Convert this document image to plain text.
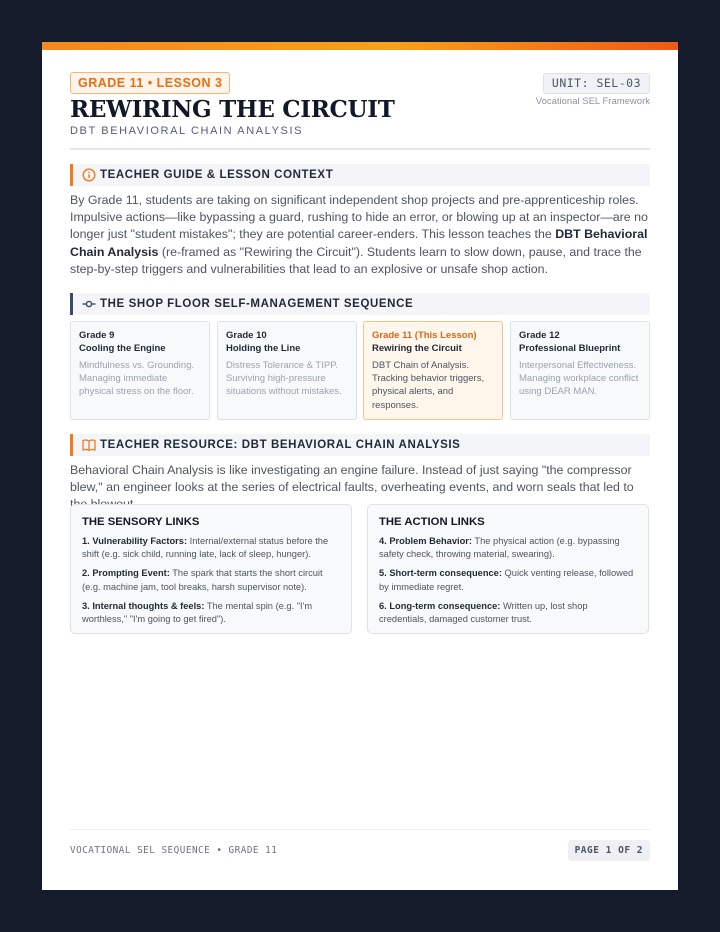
GRADE 11 • LESSON 3
REWIRING THE CIRCUIT
DBT BEHAVIORAL CHAIN ANALYSIS
UNIT: SEL-03
Vocational SEL Framework
TEACHER GUIDE & LESSON CONTEXT

By Grade 11, students are taking on significant independent shop projects and pre-apprenticeship roles. Impulsive actions—like bypassing a guard, rushing to hide an error, or blowing up at an inspector—are no longer just "student mistakes"; they are potential career-enders. This lesson teaches the DBT Behavioral Chain Analysis (re-framed as "Rewiring the Circuit"). Students learn to slow down, pause, and trace the step-by-step triggers and vulnerabilities that lead to an explosive or unsafe shop action.

THE SHOP FLOOR SELF-MANAGEMENT SEQUENCE
Grade 9
Cooling the Engine
Mindfulness vs. Grounding. Managing immediate physical stress on the floor.
Grade 10
Holding the Line
Distress Tolerance & TIPP. Surviving high-pressure situations without mistakes.
Grade 11 (This Lesson)
Rewiring the Circuit
DBT Chain of Analysis. Tracking behavior triggers, physical alerts, and responses.
Grade 12
Professional Blueprint
Interpersonal Effectiveness. Managing workplace conflict using DEAR MAN.
TEACHER RESOURCE: DBT BEHAVIORAL CHAIN ANALYSIS

Behavioral Chain Analysis is like investigating an engine failure. Instead of just saying "the compressor blew," an engineer looks at the series of electrical faults, overheating events, and worn seals that led to

THE SENSORY LINKS
1. Vulnerability Factors: Internal/external status before the shift (e.g. sick child, running late, lack of sleep, hunger).
2. Prompting Event: The spark that starts the short circuit (e.g. machine jam, tool breaks, harsh supervisor note).
3. Internal thoughts & feels: The mental spin (e.g. "I'm worthless," "I'm going to get fired").
THE ACTION LINKS
4. Problem Behavior: The physical action (e.g. bypassing safety check, throwing material, swearing).
5. Short-term consequence: Quick venting release, followed by immediate regret.
6. Long-term consequence: Written up, lost shop credentials, damaged customer trust.
VOCATIONAL SEL SEQUENCE • GRADE 11	PAGE 1 OF 2
